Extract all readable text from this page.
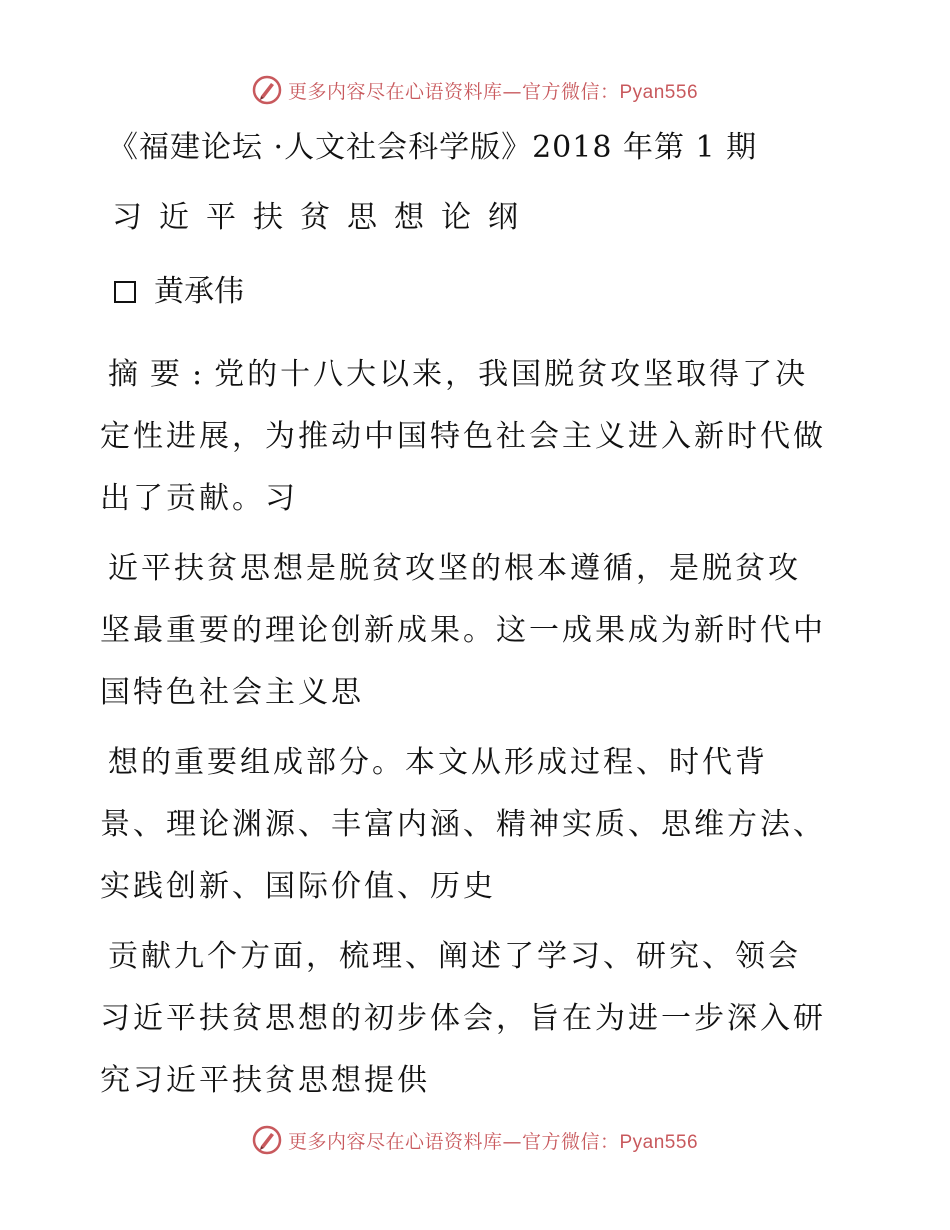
更多内容尽在心语资料库—官方微信：Pyan556
《福建论坛 ·人文社会科学版》2018 年第 1 期
习近平扶贫思想论纲
黄承伟

摘要:党的十八大以来，我国脱贫攻坚取得了决
定性进展，为推动中国特色社会主义进入新时代做
出了贡献。习

近平扶贫思想是脱贫攻坚的根本遵循，是脱贫攻
坚最重要的理论创新成果。这一成果成为新时代中
国特色社会主义思

想的重要组成部分。本文从形成过程、时代背
景、理论渊源、丰富内涵、精神实质、思维方法、
实践创新、国际价值、历史

贡献九个方面，梳理、阐述了学习、研究、领会
习近平扶贫思想的初步体会，旨在为进一步深入研
究习近平扶贫思想提供

更多内容尽在心语资料库—官方微信：Pyan556
